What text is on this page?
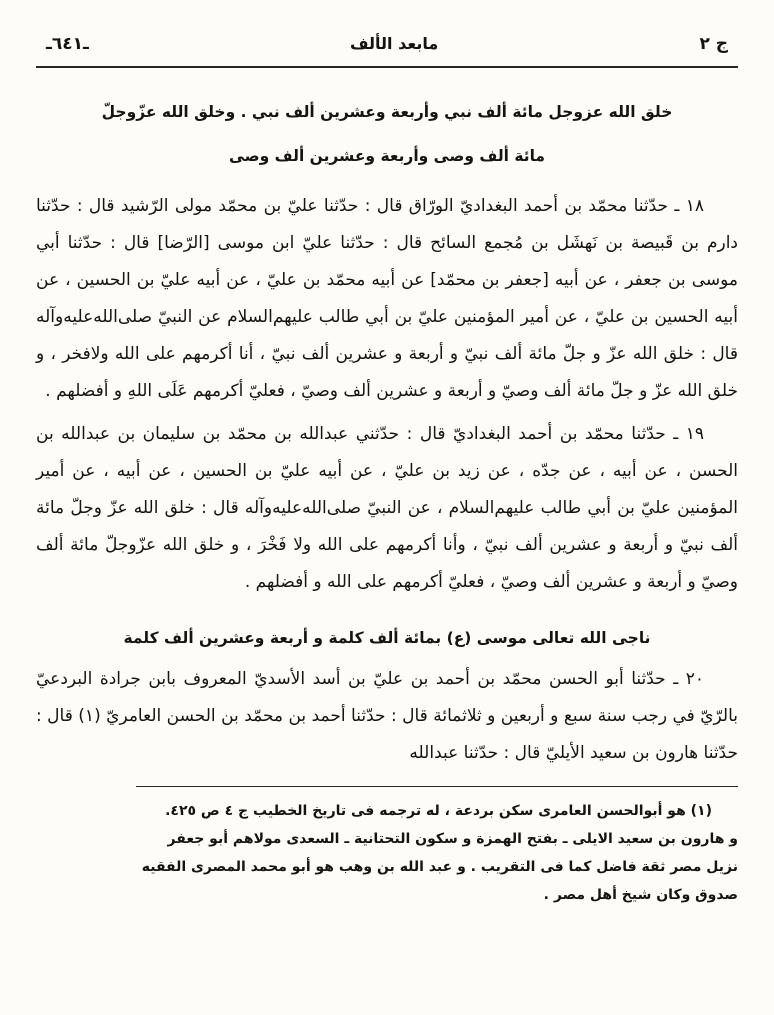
ج ٢
مابعد الألف
ـ٦٤١ـ
خلق الله عزوجل مائة ألف نبي وأربعة وعشرين ألف نبي . وخلق الله عزّوجلّ
مائة ألف وصى وأربعة وعشرين ألف وصى

١٨ ـ حدّثنا محمّد بن أحمد البغداديّ الورّاق قال : حدّثنا عليّ بن محمّد مولى الرّشيد قال : حدّثنا دارم بن قَبيصة بن نَهشَل بن مُجمع السائح قال : حدّثنا عليّ ابن موسى [الرّضا] قال : حدّثنا أبي موسى بن جعفر ، عن أبيه [جعفر بن محمّد] عن أبيه محمّد بن عليّ ، عن أبيه عليّ بن الحسين ، عن أبيه الحسين بن عليّ ، عن أمير المؤمنين عليّ بن أبي طالب عليهم‌السلام عن النبيّ صلى‌الله‌عليه‌وآله قال : خلق الله عزّ و جلّ مائة ألف نبيّ و أربعة و عشرين ألف نبيّ ، أنا أكرمهم على الله ولافخر ، و خلق الله عزّ و جلّ مائة ألف وصيّ و أربعة و عشرين ألف وصيّ ، فعليّ أكرمهم عَلَى اللهِ و أفضلهم .

١٩ ـ حدّثنا محمّد بن أحمد البغداديّ قال : حدّثني عبدالله بن محمّد بن سليمان بن عبدالله بن الحسن ، عن أبيه ، عن جدّه ، عن زيد بن عليّ ، عن أبيه عليّ بن الحسين ، عن أبيه ، عن أمير المؤمنين عليّ بن أبي طالب عليهم‌السلام ، عن النبيّ صلى‌الله‌عليه‌وآله قال : خلق الله عزّ وجلّ مائة ألف نبيّ و أربعة و عشرين ألف نبيّ ، وأنا أكرمهم على الله ولا فَخْرَ ، و خلق الله عزّوجلّ مائة ألف وصيّ و أربعة و عشرين ألف وصيّ ، فعليّ أكرمهم على الله و أفضلهم .

ناجى الله تعالى موسى (ع) بمائة ألف كلمة و أربعة وعشرين ألف كلمة

٢٠ ـ حدّثنا أبو الحسن محمّد بن أحمد بن عليّ بن أسد الأسديّ المعروف بابن جرادة البردعيّ بالرّيّ في رجب سنة سبع و أربعين و ثلاثمائة قال : حدّثنا أحمد بن محمّد بن الحسن العامريّ (١) قال : حدّثنا هارون بن سعيد الأيليّ قال : حدّثنا عبدالله

(١) هو أبوالحسن العامرى سكن بردعة ، له ترجمه فى تاريخ الخطيب ج ٤ ص ٤٢٥.
و هارون بن سعيد الايلى ـ بفتح الهمزة و سكون التحتانية ـ السعدى مولاهم أبو جعفر
نزيل مصر ثقة فاضل كما فى التقريب . و عبد الله بن وهب هو أبو محمد المصرى الفقيه
صدوق وكان شيخ أهل مصر .
